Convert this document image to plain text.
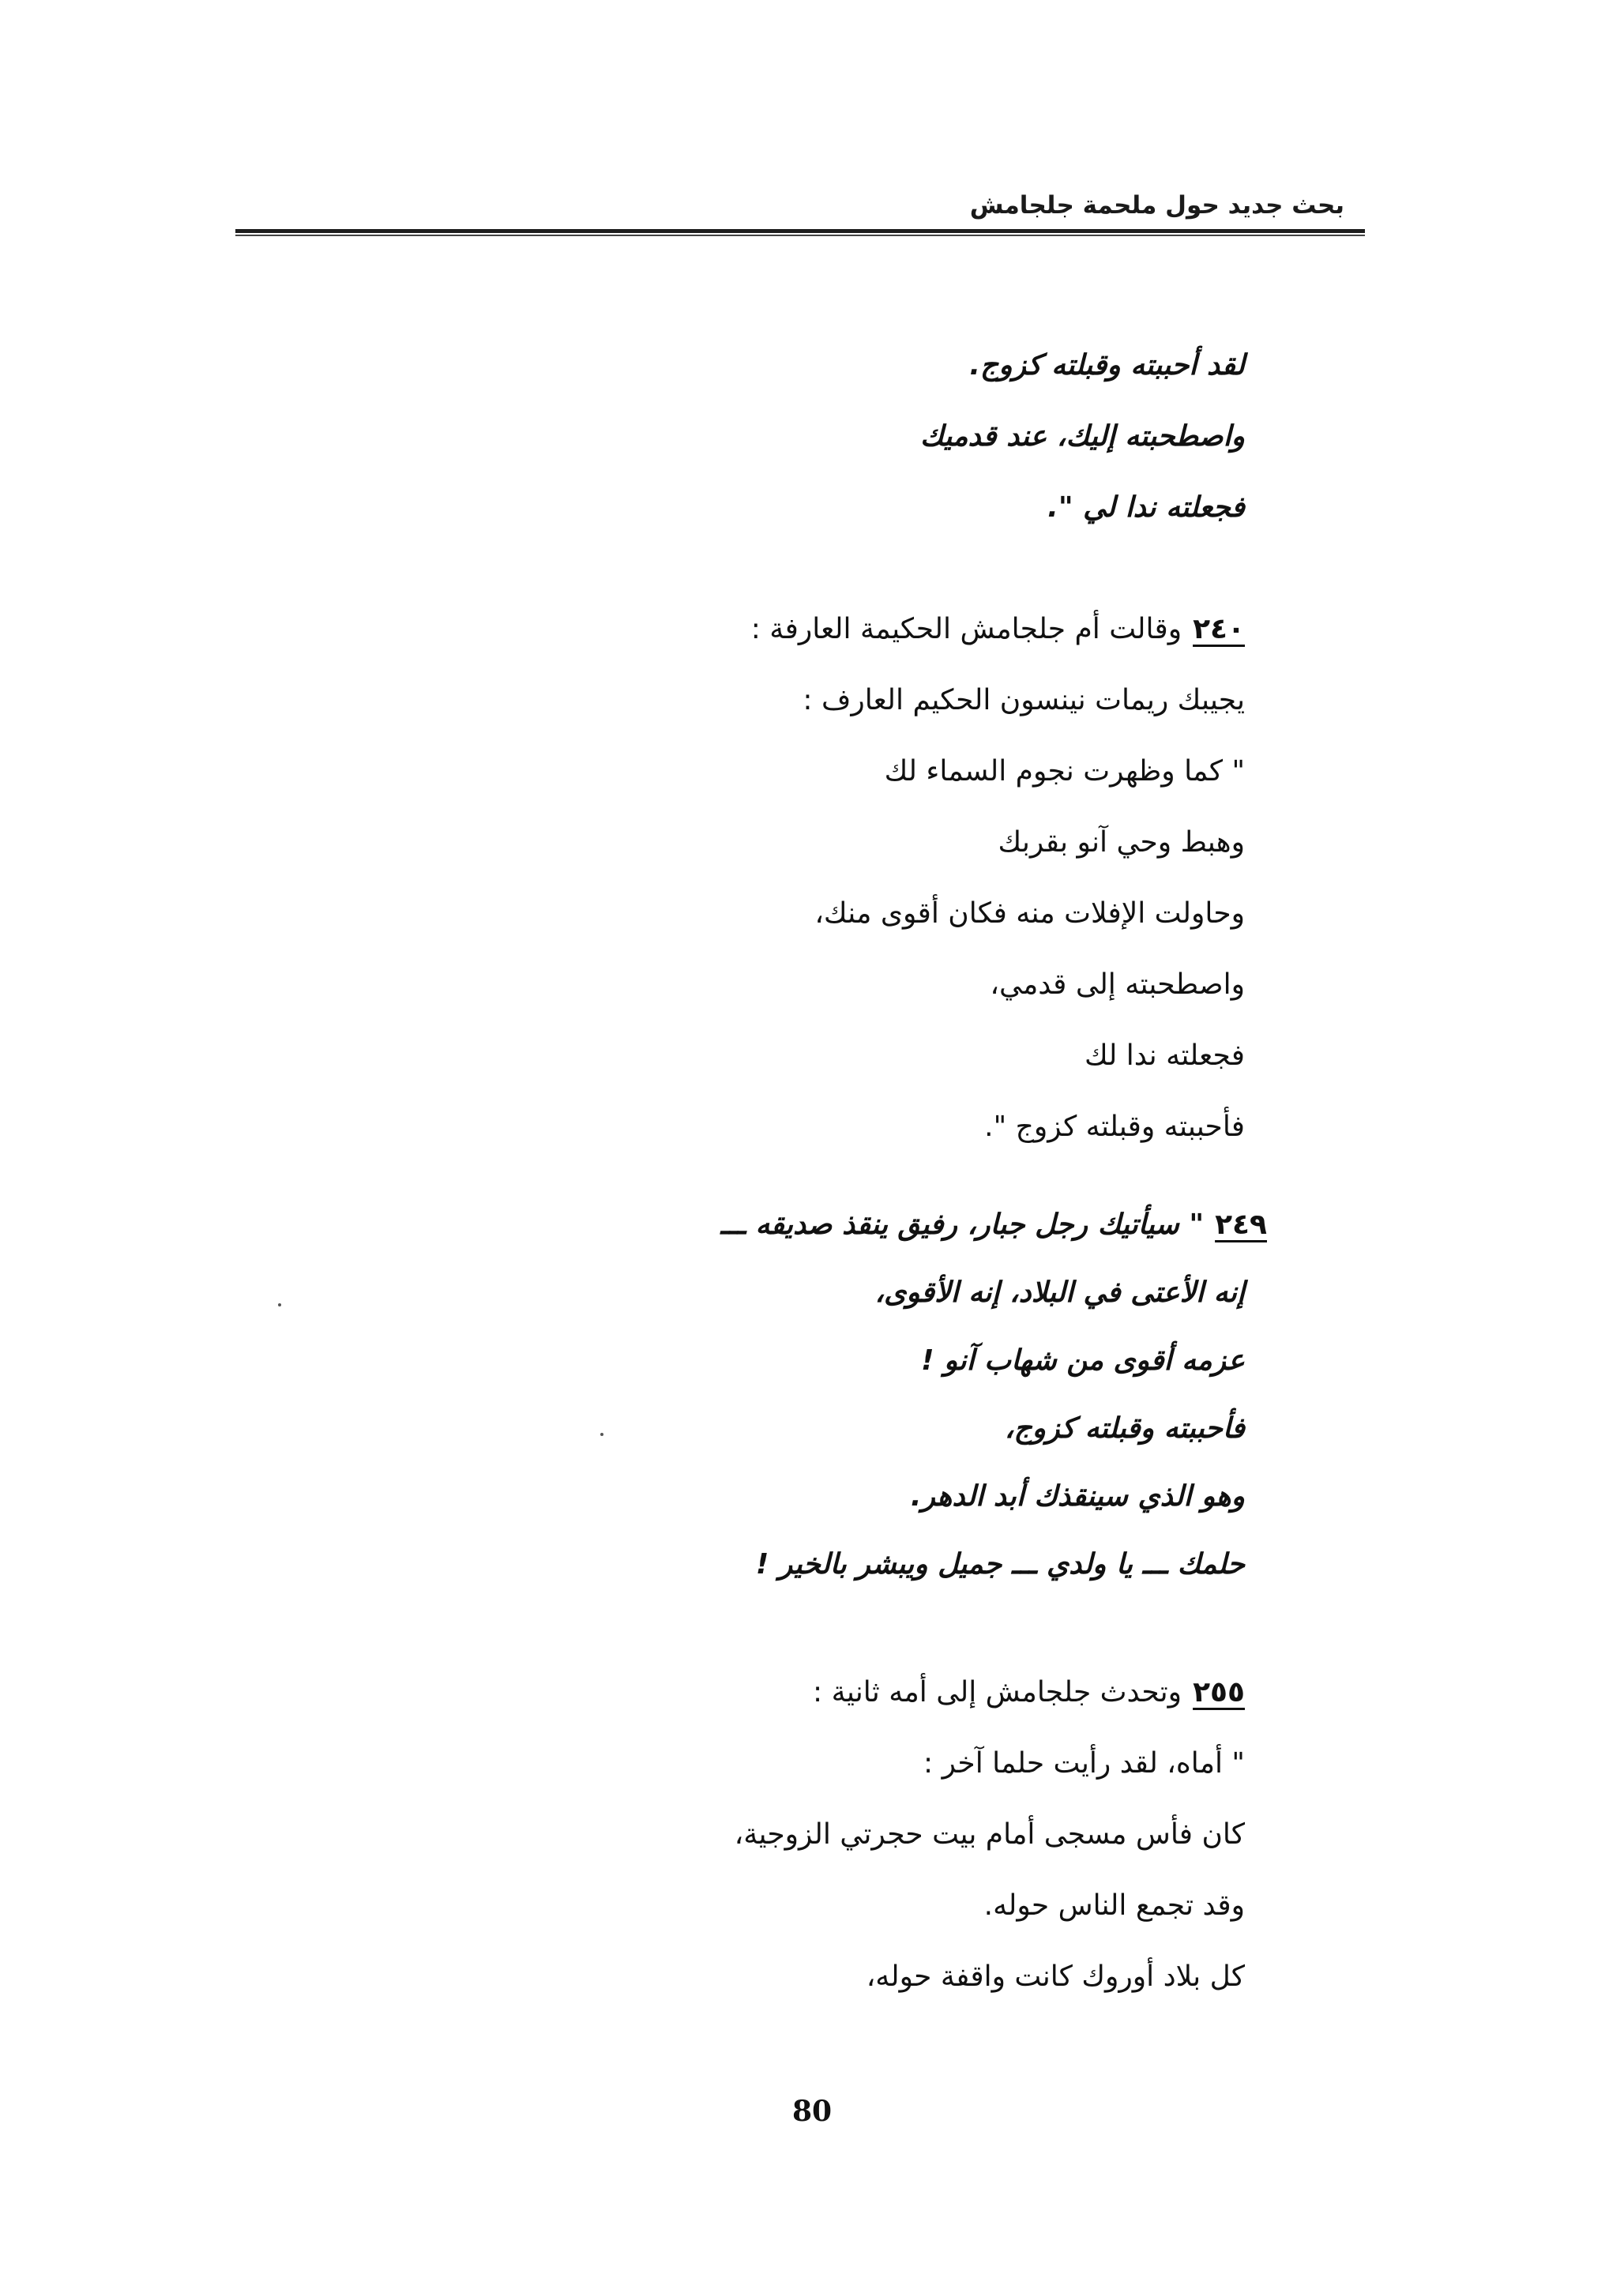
بحث جديد حول ملحمة جلجامش
لقد أحببته وقبلته كزوج.
واصطحبته إليك، عند قدميك
فجعلته ندا لي ".
٢٤٠وقالت أم جلجامش الحكيمة العارفة :
يجيبك ريمات نينسون الحكيم العارف :
" كما وظهرت نجوم السماء لك
وهبط وحي آنو بقربك
وحاولت الإفلات منه فكان أقوى منك،
واصطحبته إلى قدمي،
فجعلته ندا لك
فأحببته وقبلته كزوج ".
٢٤٩" سيأتيك رجل جبار، رفيق ينقذ صديقه ـــ
إنه الأعتى في البلاد، إنه الأقوى،
عزمه أقوى من شهاب آنو !
فأحببته وقبلته كزوج،
وهو الذي سينقذك أبد الدهر.
حلمك ـــ يا ولدي ـــ جميل ويبشر بالخير !
٢٥٥وتحدث جلجامش إلى أمه ثانية :
" أماه، لقد رأيت حلما آخر :
كان فأس مسجى أمام بيت حجرتي الزوجية،
وقد تجمع الناس حوله.
كل بلاد أوروك كانت واقفة حوله،
80
